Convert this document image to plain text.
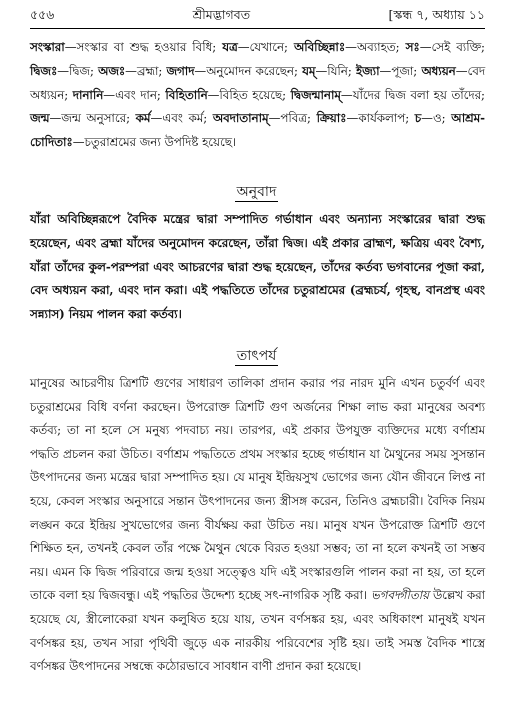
৫৫৬	শ্রীমদ্ভাগবত	[স্কন্ধ ৭, অধ্যায় ১১
সংস্কারা—সংস্কার বা শুদ্ধ হওয়ার বিধি; যত্র—যেখানে; অবিচ্ছিন্নাঃ—অব্যাহত; সঃ—সেই ব্যক্তি; দ্বিজঃ—দ্বিজ; অজঃ—ব্রহ্মা; জগাদ—অনুমোদন করেছেন; যম্—যিনি; ইজ্যা—পূজা; অধ্যয়ন—বেদ অধ্যয়ন; দানানি—এবং দান; বিহিতানি—বিহিত হয়েছে; দ্বিজন্মানাম্—যাঁদের দ্বিজ বলা হয় তাঁদের; জন্ম—জন্ম অনুসারে; কর্ম—এবং কর্ম; অবদাতানাম্—পবিত্র; ক্রিয়াঃ—কার্যকলাপ; চ—ও; আশ্রম-চোদিতাঃ—চতুরাশ্রমের জন্য উপদিষ্ট হয়েছে।
অনুবাদ
যাঁরা অবিচ্ছিন্নরূপে বৈদিক মন্ত্রের দ্বারা সম্পাদিত গর্ভাধান এবং অন্যান্য সংস্কারের দ্বারা শুদ্ধ হয়েছেন, এবং ব্রহ্মা যাঁদের অনুমোদন করেছেন, তাঁরা দ্বিজ। এই প্রকার ব্রাহ্মণ, ক্ষত্রিয় এবং বৈশ্য, যাঁরা তাঁদের কুল-পরম্পরা এবং আচরণের দ্বারা শুদ্ধ হয়েছেন, তাঁদের কর্তব্য ভগবানের পূজা করা, বেদ অধ্যয়ন করা, এবং দান করা। এই পদ্ধতিতে তাঁদের চতুরাশ্রমের (ব্রহ্মচর্য, গৃহস্থ, বানপ্রস্থ এবং সন্ন্যাস) নিয়ম পালন করা কর্তব্য।
তাৎপর্য
মানুষের আচরণীয় ত্রিশটি গুণের সাধারণ তালিকা প্রদান করার পর নারদ মুনি এখন চতুর্বর্ণ এবং চতুরাশ্রমের বিধি বর্ণনা করছেন। উপরোক্ত ত্রিশটি গুণ অর্জনের শিক্ষা লাভ করা মানুষের অবশ্য কর্তব্য; তা না হলে সে মনুষ্য পদবাচ্য নয়। তারপর, এই প্রকার উপযুক্ত ব্যক্তিদের মধ্যে বর্ণাশ্রম পদ্ধতি প্রচলন করা উচিত। বর্ণাশ্রম পদ্ধতিতে প্রথম সংস্কার হচ্ছে গর্ভাধান যা মৈথুনের সময় সুসন্তান উৎপাদনের জন্য মন্ত্রের দ্বারা সম্পাদিত হয়। যে মানুষ ইন্দ্রিয়সুখ ভোগের জন্য যৌন জীবনে লিপ্ত না হয়ে, কেবল সংস্কার অনুসারে সন্তান উৎপাদনের জন্য স্ত্রীসঙ্গ করেন, তিনিও ব্রহ্মচারী। বৈদিক নিয়ম লঙ্ঘন করে ইন্দ্রিয় সুখভোগের জন্য বীর্যক্ষয় করা উচিত নয়। মানুষ যখন উপরোক্ত ত্রিশটি গুণে শিক্ষিত হন, তখনই কেবল তাঁর পক্ষে মৈথুন থেকে বিরত হওয়া সম্ভব; তা না হলে কখনই তা সম্ভব নয়। এমন কি দ্বিজ পরিবারে জন্ম হওয়া সত্ত্বেও যদি এই সংস্কারগুলি পালন করা না হয়, তা হলে তাকে বলা হয় দ্বিজবন্ধু। এই পদ্ধতির উদ্দেশ্য হচ্ছে সৎ-নাগরিক সৃষ্টি করা। ভগবদ্গীতায় উল্লেখ করা হয়েছে যে, স্ত্রীলোকেরা যখন কলুষিত হয়ে যায়, তখন বর্ণসঙ্কর হয়, এবং অধিকাংশ মানুষই যখন বর্ণসঙ্কর হয়, তখন সারা পৃথিবী জুড়ে এক নারকীয় পরিবেশের সৃষ্টি হয়। তাই সমস্ত বৈদিক শাস্ত্রে বর্ণসঙ্কর উৎপাদনের সম্বন্ধে কঠোরভাবে সাবধান বাণী প্রদান করা হয়েছে।
